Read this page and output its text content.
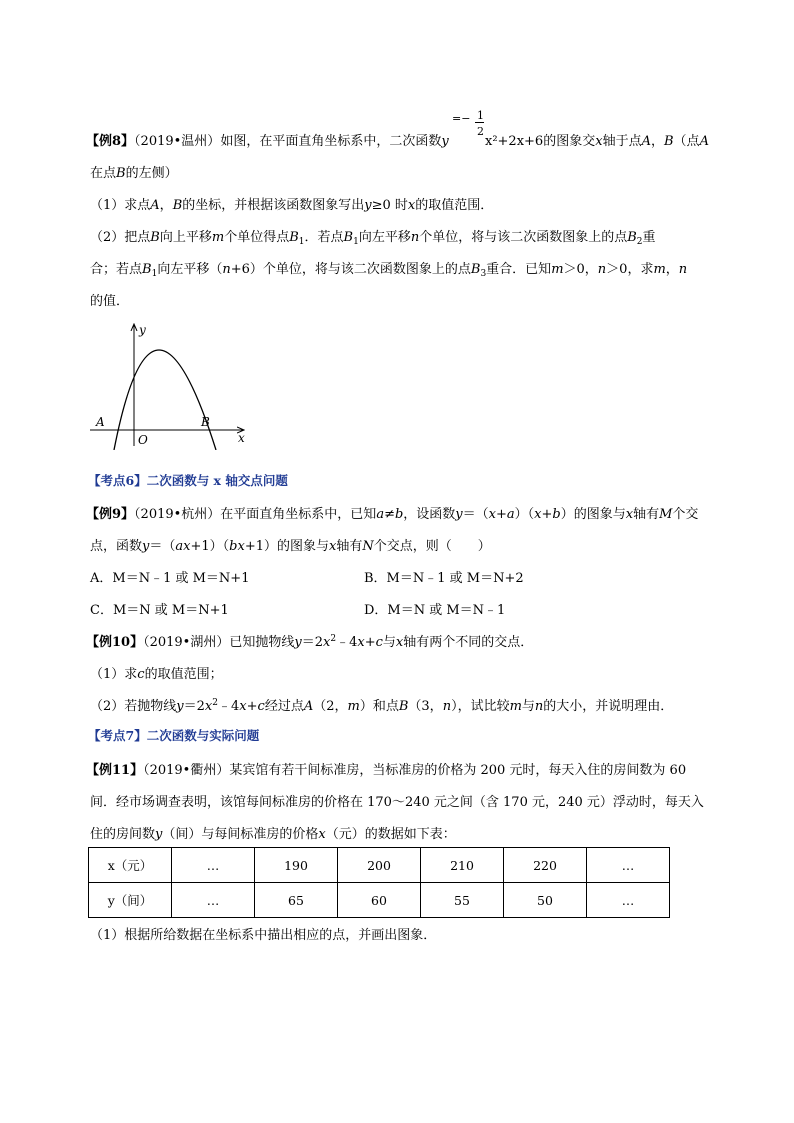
【例8】（2019•温州）如图，在平面直角坐标系中，二次函数y
=− 1
2
x²+2x+6的图象交x轴于点A，B（点A
在点B的左侧）
（1）求点A，B的坐标，并根据该函数图象写出y≥0 时x的取值范围．
（2）把点B向上平移m个单位得点$B_1$．若点$B_1$向左平移n个单位，将与该二次函数图象上的点$B_2$重
合；若点$B_1$向左平移（n+6）个单位，将与该二次函数图象上的点$B_3$重合．已知m＞0，n＞0，求m，n
的值．
y
x
O
A	B
【考点6】二次函数与 x 轴交点问题
【例9】（2019•杭州）在平面直角坐标系中，已知a≠b，设函数y＝（x+a）（x+b）的图象与x轴有M个交
点，函数y＝（ax+1）（bx+1）的图象与x轴有N个交点，则（　　）
A．M＝N﹣1 或 M＝N+1	B．M＝N﹣1 或 M＝N+2
C．M＝N 或 M＝N+1	D．M＝N 或 M＝N﹣1
【例10】（2019•湖州）已知抛物线$y=2x^2﹣4x+c$与x轴有两个不同的交点．
（1）求c的取值范围；
（2）若抛物线$y=2x^2﹣4x+c$经过点A（2，m）和点B（3，n），试比较m与n的大小，并说明理由．
【考点7】二次函数与实际问题
【例11】（2019•衢州）某宾馆有若干间标准房，当标准房的价格为 200 元时，每天入住的房间数为 60
间．经市场调查表明，该馆每间标准房的价格在 170～240 元之间（含 170 元，240 元）浮动时，每天入
住的房间数y（间）与每间标准房的价格x（元）的数据如下表：
x（元）	…	190	200	210	220	…
y（间）	…	65	60	55	50	…
（1）根据所给数据在坐标系中描出相应的点，并画出图象．
